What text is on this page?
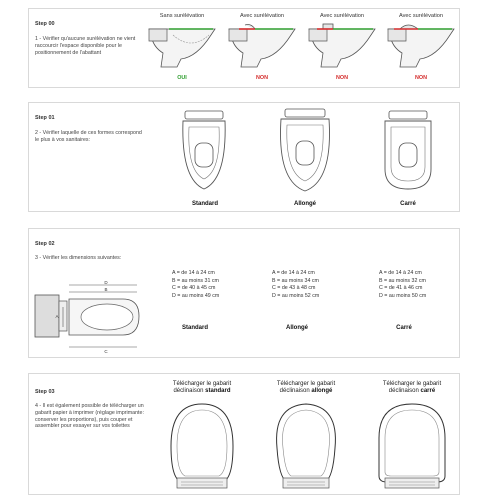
Step 00
1 - Vérifier qu'aucune surélévation ne vient raccourcir l'espace disponible pour le positionnement de l'abattant
Sans surélévation	Avec surélévation	Avec surélévation	Avec surélévation
OUI	NON	NON	NON
Step 01
2 - Vérifier laquelle de ces formes correspond le plus à vos sanitaires:
Standard	Allongé	Carré
Step 02
3 - Vérifier les dimensions suivantes:
D
B
A
C
A = de 14 à 24 cm
B = au moins 31 cm
C = de 40 à 45 cm
D = au moins 49 cm
A = de 14 à 24 cm
B = au moins 34 cm
C = de 43 à 48 cm
D = au moins 52 cm
A = de 14 à 24 cm
B = au moins 32 cm
C = de 41 à 46 cm
D = au moins 50 cm
Standard	Allongé	Carré
Step 03
4 - Il est également possible de télécharger un gabarit papier à imprimer (réglage imprimante: conserver les proportions), puis couper et assembler pour essayer sur vos toilettes
Télécharger le gabarit
déclinaison standard
Télécharger le gabarit
déclinaison allongé
Télécharger le gabarit
déclinaison carré
